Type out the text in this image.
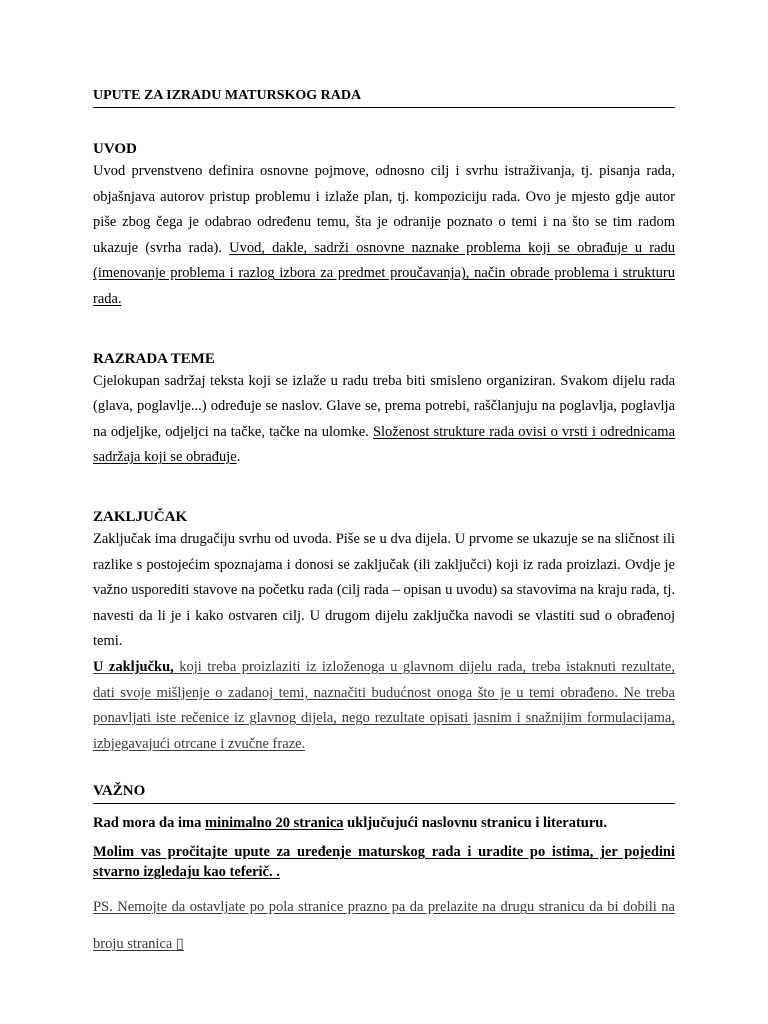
UPUTE ZA IZRADU MATURSKOG RADA
UVOD

Uvod prvenstveno definira osnovne pojmove, odnosno cilj i svrhu istraživanja, tj. pisanja rada, objašnjava autorov pristup problemu i izlaže plan, tj. kompoziciju rada. Ovo je mjesto gdje autor piše zbog čega je odabrao određenu temu, šta je odranije poznato o temi i na što se tim radom ukazuje (svrha rada). Uvod, dakle, sadrži osnovne naznake problema koji se obrađuje u radu (imenovanje problema i razlog izbora za predmet proučavanja), način obrade problema i strukturu rada.

RAZRADA TEME

Cjelokupan sadržaj teksta koji se izlaže u radu treba biti smisleno organiziran. Svakom dijelu rada (glava, poglavlje...) određuje se naslov. Glave se, prema potrebi, raščlanjuju na poglavlja, poglavlja na odjeljke, odjeljci na tačke, tačke na ulomke. Složenost strukture rada ovisi o vrsti i odrednicama sadržaja koji se obrađuje.

ZAKLJUČAK

Zaključak ima drugačiju svrhu od uvoda. Piše se u dva dijela. U prvome se ukazuje se na sličnost ili razlike s postojećim spoznajama i donosi se zaključak (ili zaključci) koji iz rada proizlazi. Ovdje je važno usporediti stavove na početku rada (cilj rada – opisan u uvodu) sa stavovima na kraju rada, tj. navesti da li je i kako ostvaren cilj. U drugom dijelu zaključka navodi se vlastiti sud o obrađenoj temi.

U zaključku, koji treba proizlaziti iz izloženoga u glavnom dijelu rada, treba istaknuti rezultate, dati svoje mišljenje o zadanoj temi, naznačiti budućnost onoga što je u temi obrađeno. Ne treba ponavljati iste rečenice iz glavnog dijela, nego rezultate opisati jasnim i snažnijim formulacijama, izbjegavajući otrcane i zvučne fraze.

VAŽNO

Rad mora da ima minimalno 20 stranica uključujući naslovnu stranicu i literaturu.

Molim vas pročitajte upute za uređenje maturskog rada i uradite po istima, jer pojedini stvarno izgledaju kao teferič. .

PS. Nemojte da ostavljate po pola stranice prazno pa da prelazite na drugu stranicu da bi dobili na broju stranica ▯
